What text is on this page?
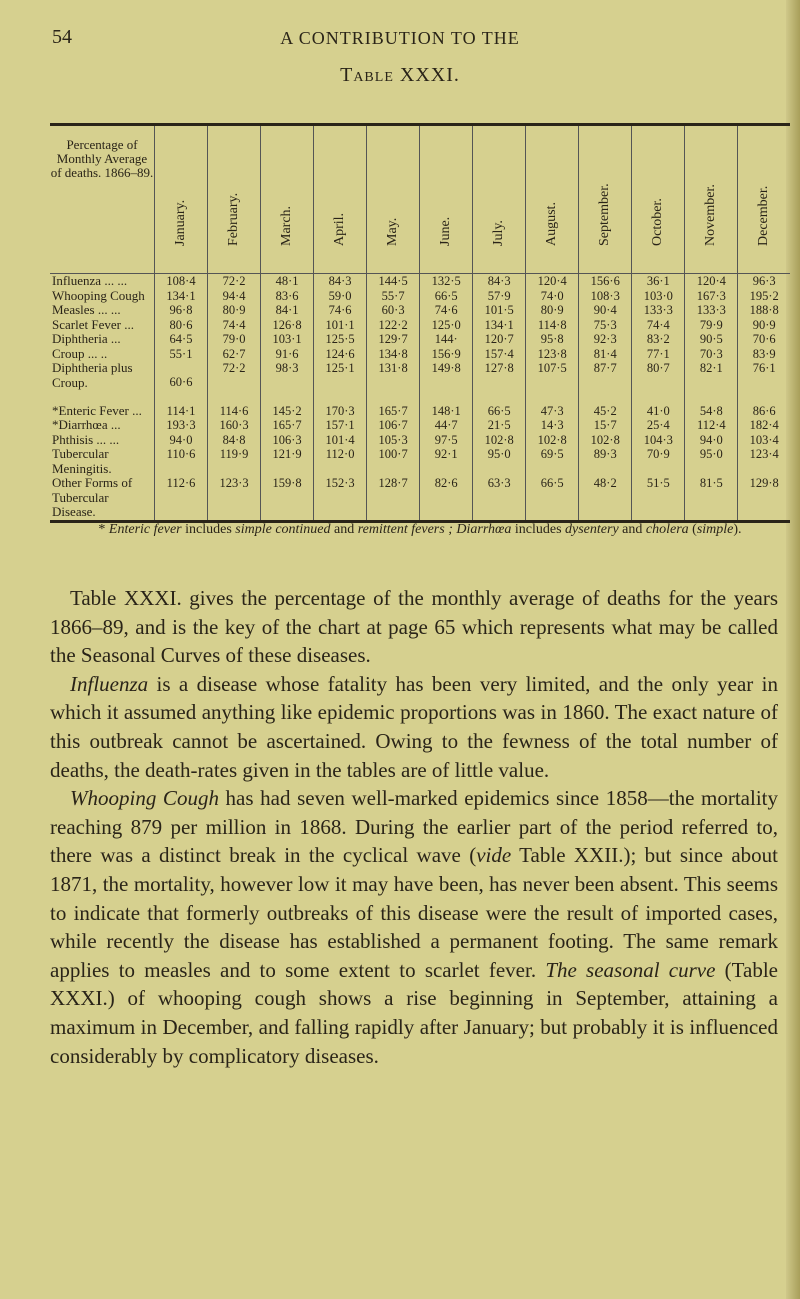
54	A CONTRIBUTION TO THE
Table XXXI.
Percentage of Monthly Average of deaths. 1866–89.	January.	February.	March.	April.	May.	June.	July.	August.	September.	October.	November.	December.

Influenza ... ...	108·4	72·2	48·1	84·3	144·5	132·5	84·3	120·4	156·6	36·1	120·4	96·3
Whooping Cough	134·1	94·4	83·6	59·0	55·7	66·5	57·9	74·0	108·3	103·0	167·3	195·2
Measles ... ...	96·8	80·9	84·1	74·6	60·3	74·6	101·5	80·9	90·4	133·3	133·3	188·8
Scarlet Fever ...	80·6	74·4	126·8	101·1	122·2	125·0	134·1	114·8	75·3	74·4	79·9	90·9
Diphtheria ...	64·5	79·0	103·1	125·5	129·7	144·	120·7	95·8	92·3	83·2	90·5	70·6
Croup ... ..	55·1	62·7	91·6	124·6	134·8	156·9	157·4	123·8	81·4	77·1	70·3	83·9
Diphtheria plus Croup.	60·6	72·2	98·3	125·1	131·8	149·8	127·8	107·5	87·7	80·7	82·1	76·1
*Enteric Fever ...	114·1	114·6	145·2	170·3	165·7	148·1	66·5	47·3	45·2	41·0	54·8	86·6
*Diarrhœa ...	193·3	160·3	165·7	157·1	106·7	44·7	21·5	14·3	15·7	25·4	112·4	182·4
Phthisis ... ...	94·0	84·8	106·3	101·4	105·3	97·5	102·8	102·8	102·8	104·3	94·0	103·4
Tubercular Meningitis.	110·6	119·9	121·9	112·0	100·7	92·1	95·0	69·5	89·3	70·9	95·0	123·4
Other Forms of Tubercular Disease.	112·6	123·3	159·8	152·3	128·7	82·6	63·3	66·5	48·2	51·5	81·5	129·8
* Enteric fever includes simple continued and remittent fevers ; Diarrhœa includes dysentery and cholera (simple).

Table XXXI. gives the percentage of the monthly average of deaths for the years 1866–89, and is the key of the chart at page 65 which represents what may be called the Seasonal Curves of these diseases.

Influenza is a disease whose fatality has been very limited, and the only year in which it assumed anything like epidemic proportions was in 1860. The exact nature of this outbreak cannot be ascertained. Owing to the fewness of the total number of deaths, the death-rates given in the tables are of little value.

Whooping Cough has had seven well-marked epidemics since 1858—the mortality reaching 879 per million in 1868. During the earlier part of the period referred to, there was a distinct break in the cyclical wave (vide Table XXII.); but since about 1871, the mortality, however low it may have been, has never been absent. This seems to indicate that formerly outbreaks of this disease were the result of imported cases, while recently the disease has established a permanent footing. The same remark applies to measles and to some extent to scarlet fever. The seasonal curve (Table XXXI.) of whooping cough shows a rise beginning in September, attaining a maximum in December, and falling rapidly after January; but probably it is influenced considerably by complicatory diseases.
